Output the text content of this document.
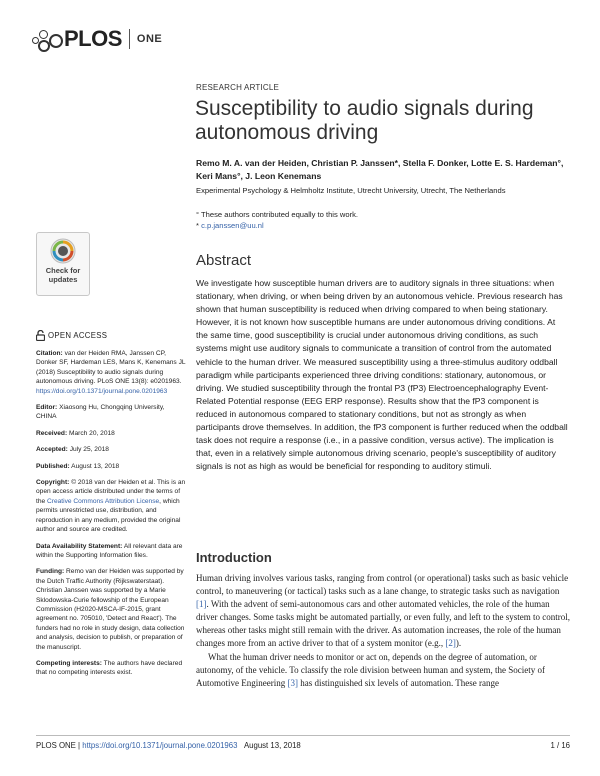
PLOS ONE
Check for
updates
RESEARCH ARTICLE
Susceptibility to audio signals during autonomous driving
Remo M. A. van der Heiden, Christian P. Janssen*, Stella F. Donker, Lotte E. S. Hardeman°, Keri Mans°, J. Leon Kenemans
Experimental Psychology & Helmholtz Institute, Utrecht University, Utrecht, The Netherlands
° These authors contributed equally to this work.
* c.p.janssen@uu.nl
Abstract
We investigate how susceptible human drivers are to auditory signals in three situations: when stationary, when driving, or when being driven by an autonomous vehicle. Previous research has shown that human susceptibility is reduced when driving compared to when being stationary. However, it is not known how susceptible humans are under autonomous driving conditions. At the same time, good susceptibility is crucial under autonomous driving conditions, as such systems might use auditory signals to communicate a transition of control from the automated vehicle to the human driver. We measured susceptibility using a three-stimulus auditory oddball paradigm while participants experienced three driving conditions: stationary, autonomous, or driving. We studied susceptibility through the frontal P3 (fP3) Electroencephalography Event-Related Potential response (EEG ERP response). Results show that the fP3 component is reduced in autonomous compared to stationary conditions, but not as strongly as when participants drove themselves. In addition, the fP3 component is further reduced when the oddball task does not require a response (i.e., in a passive condition, versus active). The implication is that, even in a relatively simple autonomous driving scenario, people's susceptibility of auditory signals is not as high as would be beneficial for responding to auditory stimuli.
Introduction

Human driving involves various tasks, ranging from control (or operational) tasks such as basic vehicle control, to maneuvering (or tactical) tasks such as a lane change, to strategic tasks such as navigation [1]. With the advent of semi-autonomous cars and other automated vehicles, the role of the human driver changes. Some tasks might be automated partially, or even fully, and left to the system to control, whereas other tasks might still remain with the driver. As automation increases, the role of the human changes more from an active driver to that of a system monitor (e.g., [2]).

What the human driver needs to monitor or act on, depends on the degree of automation, or autonomy, of the vehicle. To classify the role division between human and system, the Society of Automotive Engineering [3] has distinguished six levels of automation. These range

OPEN ACCESS

Citation: van der Heiden RMA, Janssen CP, Donker SF, Hardeman LES, Mans K, Kenemans JL (2018) Susceptibility to audio signals during autonomous driving. PLoS ONE 13(8): e0201963. https://doi.org/10.1371/journal.pone.0201963

Editor: Xiaosong Hu, Chongqing University, CHINA

Received: March 20, 2018

Accepted: July 25, 2018

Published: August 13, 2018

Copyright: © 2018 van der Heiden et al. This is an open access article distributed under the terms of the Creative Commons Attribution License, which permits unrestricted use, distribution, and reproduction in any medium, provided the original author and source are credited.

Data Availability Statement: All relevant data are within the Supporting Information files.

Funding: Remo van der Heiden was supported by the Dutch Traffic Authority (Rijkswaterstaat). Christian Janssen was supported by a Marie Sklodowska-Curie fellowship of the European Commission (H2020-MSCA-IF-2015, grant agreement no. 705010, 'Detect and React'). The funders had no role in study design, data collection and analysis, decision to publish, or preparation of the manuscript.

Competing interests: The authors have declared that no competing interests exist.

PLOS ONE | https://doi.org/10.1371/journal.pone.0201963 August 13, 2018	1 / 16
